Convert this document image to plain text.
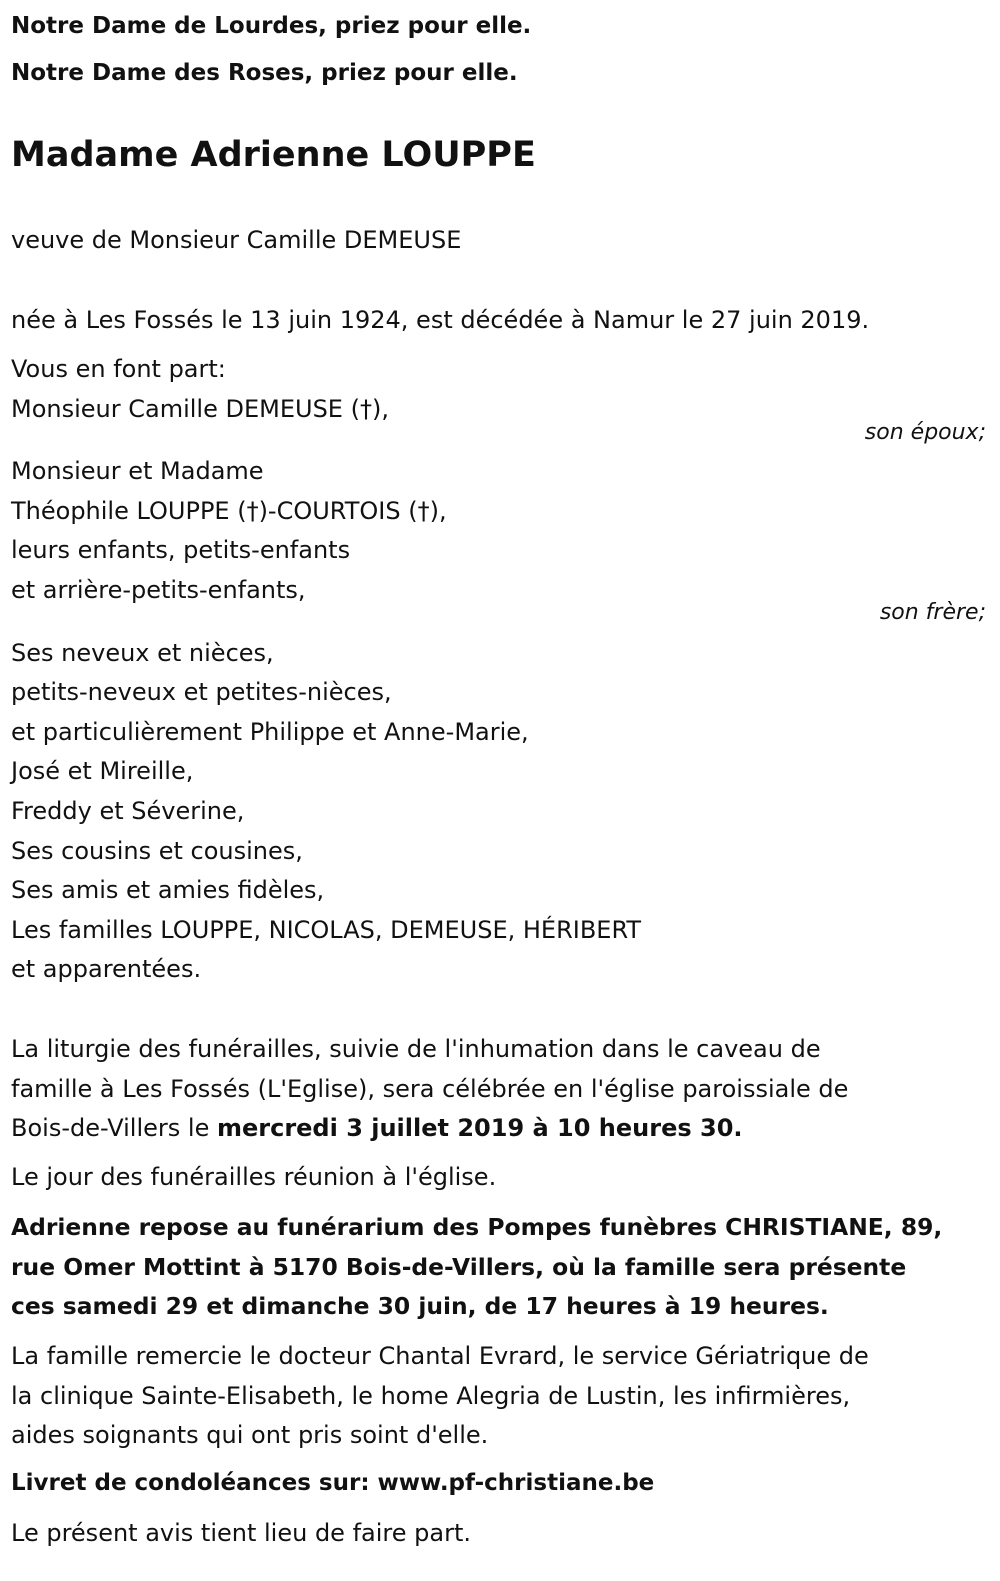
Notre Dame de Lourdes, priez pour elle.
Notre Dame des Roses, priez pour elle.
Madame Adrienne LOUPPE
veuve de Monsieur Camille DEMEUSE
née à Les Fossés le 13 juin 1924, est décédée à Namur le 27 juin 2019.
Vous en font part:
Monsieur Camille DEMEUSE (†),
son époux;
Monsieur et Madame
Théophile LOUPPE (†)-COURTOIS (†),
leurs enfants, petits-enfants
et arrière-petits-enfants,
son frère;
Ses neveux et nièces,
petits-neveux et petites-nièces,
et particulièrement Philippe et Anne-Marie,
José et Mireille,
Freddy et Séverine,
Ses cousins et cousines,
Ses amis et amies fidèles,
Les familles LOUPPE, NICOLAS, DEMEUSE, HÉRIBERT
et apparentées.
La liturgie des funérailles, suivie de l'inhumation dans le caveau de
famille à Les Fossés (L'Eglise), sera célébrée en l'église paroissiale de
Bois-de-Villers le mercredi 3 juillet 2019 à 10 heures 30.
Le jour des funérailles réunion à l'église.
Adrienne repose au funérarium des Pompes funèbres CHRISTIANE, 89,
rue Omer Mottint à 5170 Bois-de-Villers, où la famille sera présente
ces samedi 29 et dimanche 30 juin, de 17 heures à 19 heures.
La famille remercie le docteur Chantal Evrard, le service Gériatrique de
la clinique Sainte-Elisabeth, le home Alegria de Lustin, les infirmières,
aides soignants qui ont pris soint d'elle.
Livret de condoléances sur: www.pf-christiane.be
Le présent avis tient lieu de faire part.
